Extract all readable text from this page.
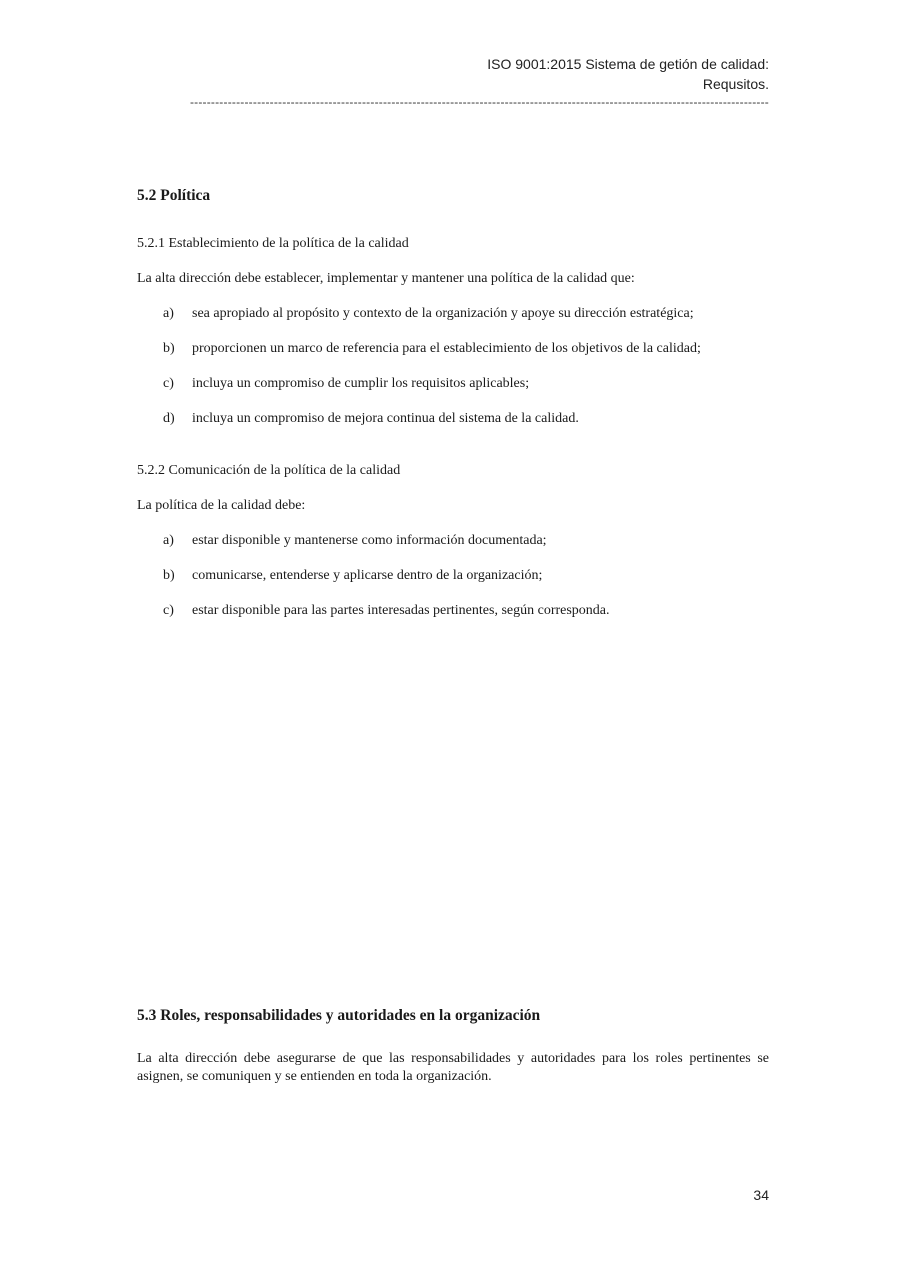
ISO 9001:2015 Sistema de getión de calidad:
Requsitos.
------------------------------------------------------------------------------------------------------------------------------------------
5.2 Política
5.2.1 Establecimiento de la política de la calidad

La alta dirección debe establecer, implementar y mantener una política de la calidad que:

a) sea apropiado al propósito y contexto de la organización y apoye su dirección estratégica;
b) proporcionen un marco de referencia para el establecimiento de los objetivos de la calidad;
c) incluya un compromiso de cumplir los requisitos aplicables;
d) incluya un compromiso de mejora continua del sistema de la calidad.
5.2.2 Comunicación de la política de la calidad

La política de la calidad debe:

a) estar disponible y mantenerse como información documentada;
b) comunicarse, entenderse y aplicarse dentro de la organización;
c) estar disponible para las partes interesadas pertinentes, según corresponda.
5.3 Roles, responsabilidades y autoridades en la organización

La alta dirección debe asegurarse de que las responsabilidades y autoridades para los roles pertinentes se asignen, se comuniquen y se entienden en toda la organización.

34
